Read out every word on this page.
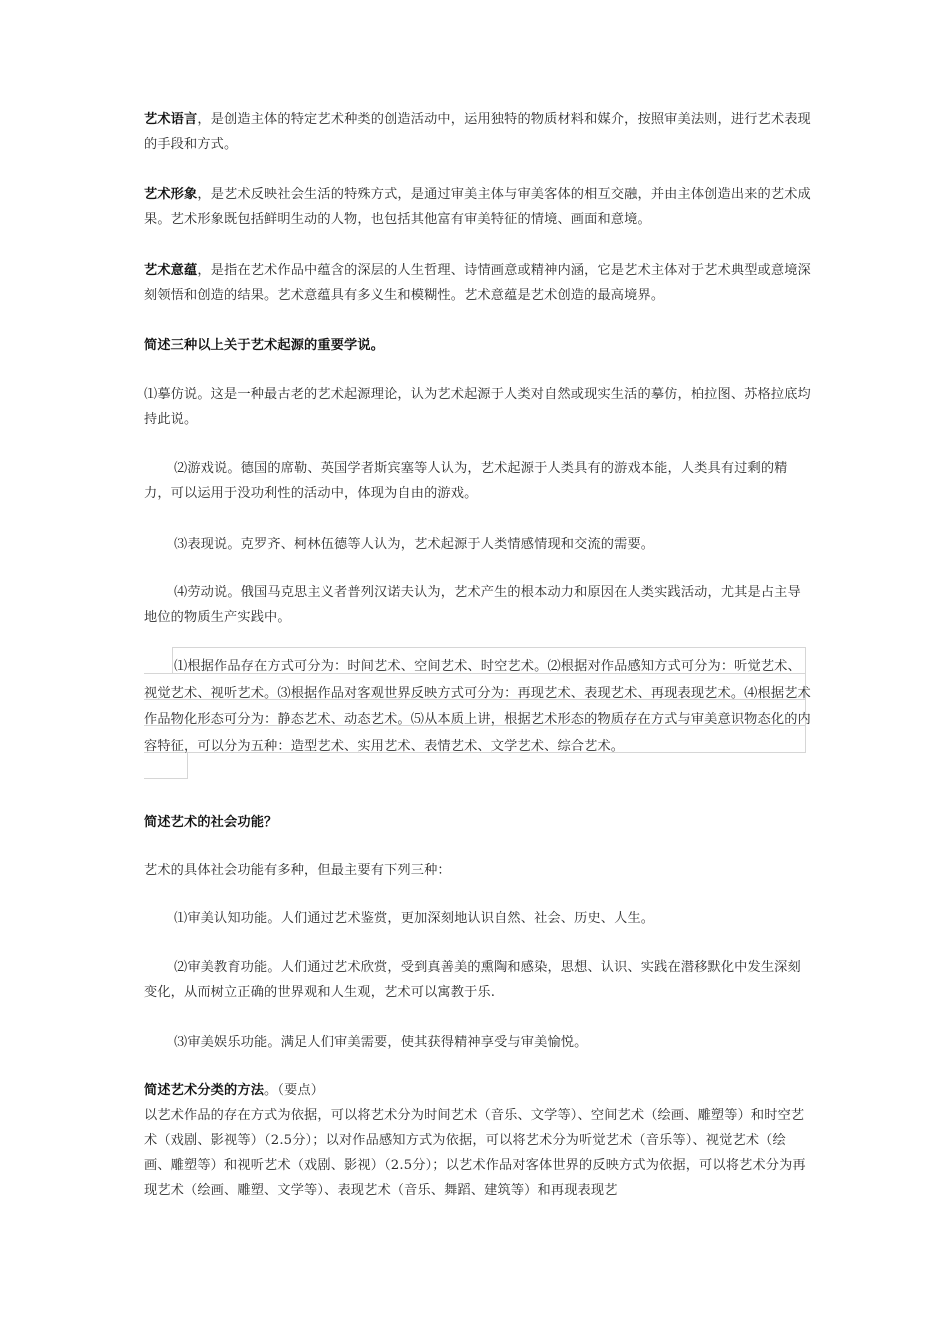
艺术语言，是创造主体的特定艺术种类的创造活动中，运用独特的物质材料和媒介，按照审美法则，进行艺术表现的手段和方式。

艺术形象，是艺术反映社会生活的特殊方式，是通过审美主体与审美客体的相互交融，并由主体创造出来的艺术成果。艺术形象既包括鲜明生动的人物，也包括其他富有审美特征的情境、画面和意境。

艺术意蕴，是指在艺术作品中蕴含的深层的人生哲理、诗情画意或精神内涵，它是艺术主体对于艺术典型或意境深刻领悟和创造的结果。艺术意蕴具有多义生和模糊性。艺术意蕴是艺术创造的最高境界。

简述三种以上关于艺术起源的重要学说。

⑴摹仿说。这是一种最古老的艺术起源理论，认为艺术起源于人类对自然或现实生活的摹仿，柏拉图、苏格拉底均持此说。

⑵游戏说。德国的席勒、英国学者斯宾塞等人认为，艺术起源于人类具有的游戏本能，人类具有过剩的精力，可以运用于没功利性的活动中，体现为自由的游戏。

⑶表现说。克罗齐、柯林伍德等人认为，艺术起源于人类情感情现和交流的需要。

⑷劳动说。俄国马克思主义者普列汉诺夫认为，艺术产生的根本动力和原因在人类实践活动，尤其是占主导地位的物质生产实践中。

⑴根据作品存在方式可分为：时间艺术、空间艺术、时空艺术。⑵根据对作品感知方式可分为：听觉艺术、视觉艺术、视听艺术。⑶根据作品对客观世界反映方式可分为：再现艺术、表现艺术、再现表现艺术。⑷根据艺术作品物化形态可分为：静态艺术、动态艺术。⑸从本质上讲，根据艺术形态的物质存在方式与审美意识物态化的内容特征，可以分为五种：造型艺术、实用艺术、表情艺术、文学艺术、综合艺术。

简述艺术的社会功能？

艺术的具体社会功能有多种，但最主要有下列三种：

⑴审美认知功能。人们通过艺术鉴赏，更加深刻地认识自然、社会、历史、人生。

⑵审美教育功能。人们通过艺术欣赏，受到真善美的熏陶和感染，思想、认识、实践在潜移默化中发生深刻变化，从而树立正确的世界观和人生观，艺术可以寓教于乐.

⑶审美娱乐功能。满足人们审美需要，使其获得精神享受与审美愉悦。

简述艺术分类的方法。（要点）

以艺术作品的存在方式为依据，可以将艺术分为时间艺术（音乐、文学等）、空间艺术（绘画、雕塑等）和时空艺术（戏剧、影视等）（2.5分）；以对作品感知方式为依据，可以将艺术分为听觉艺术（音乐等）、视觉艺术（绘画、雕塑等）和视听艺术（戏剧、影视）（2.5分）；以艺术作品对客体世界的反映方式为依据，可以将艺术分为再现艺术（绘画、雕塑、文学等）、表现艺术（音乐、舞蹈、建筑等）和再现表现艺
